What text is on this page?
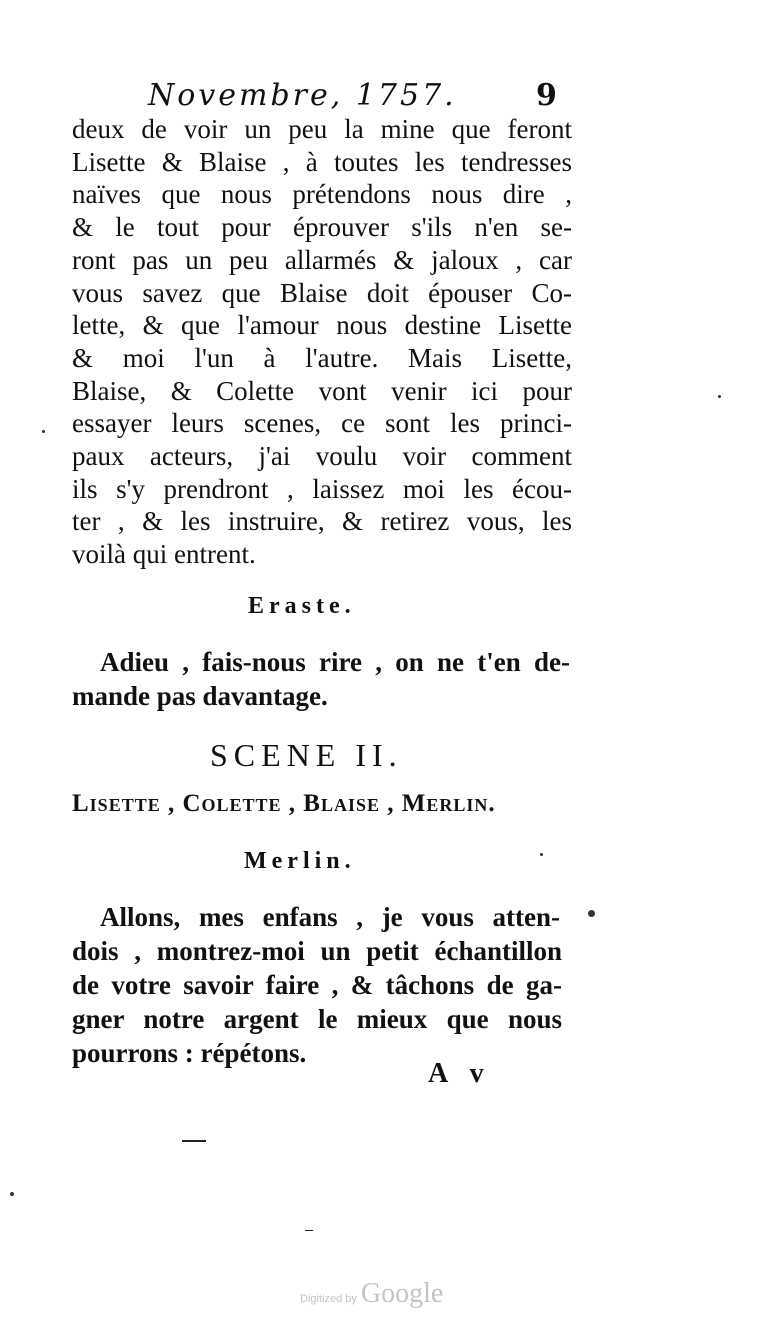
Novembre, 1757.	9
deux de voir un peu la mine que feront
Lisette & Blaise , à toutes les tendresses
naïves que nous prétendons nous dire ,
& le tout pour éprouver s'ils n'en se-
ront pas un peu allarmés & jaloux , car
vous savez que Blaise doit épouser Co-
lette, & que l'amour nous destine Lisette
& moi l'un à l'autre. Mais Lisette,
Blaise, & Colette vont venir ici pour
essayer leurs scenes, ce sont les princi-
paux acteurs, j'ai voulu voir comment
ils s'y prendront , laissez moi les écou-
ter , & les instruire, & retirez vous, les
voilà qui entrent.
Eraste.
Adieu , fais-nous rire , on ne t'en de-
mande pas davantage.
SCENE II.
Lisette , Colette , Blaise , Merlin.
Merlin.
Allons, mes enfans , je vous atten-
dois , montrez-moi un petit échantillon
de votre savoir faire , & tâchons de ga-
gner notre argent le mieux que nous
pourrons : répétons.
A v
Digitized by Google
